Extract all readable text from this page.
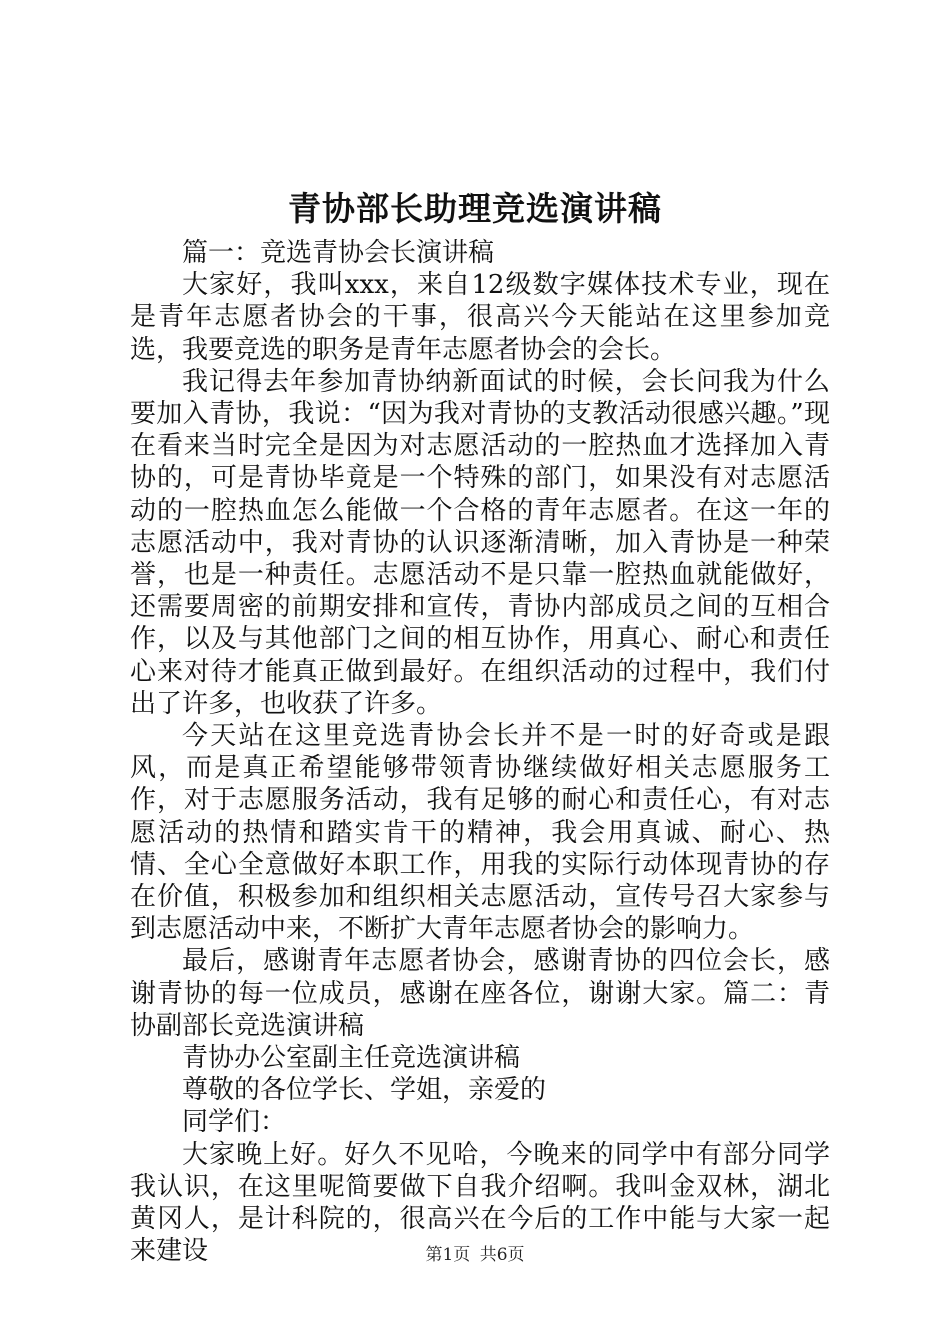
青协部长助理竞选演讲稿

篇一：竞选青协会长演讲稿

大家好，我叫xxx，来自12级数字媒体技术专业，现在是青年志愿者协会的干事，很高兴今天能站在这里参加竞选，我要竞选的职务是青年志愿者协会的会长。

我记得去年参加青协纳新面试的时候，会长问我为什么要加入青协，我说：“因为我对青协的支教活动很感兴趣。”现在看来当时完全是因为对志愿活动的一腔热血才选择加入青协的，可是青协毕竟是一个特殊的部门，如果没有对志愿活动的一腔热血怎么能做一个合格的青年志愿者。在这一年的志愿活动中，我对青协的认识逐渐清晰，加入青协是一种荣誉，也是一种责任。志愿活动不是只靠一腔热血就能做好，还需要周密的前期安排和宣传，青协内部成员之间的互相合作，以及与其他部门之间的相互协作，用真心、耐心和责任心来对待才能真正做到最好。在组织活动的过程中，我们付出了许多，也收获了许多。

今天站在这里竞选青协会长并不是一时的好奇或是跟风，而是真正希望能够带领青协继续做好相关志愿服务工作，对于志愿服务活动，我有足够的耐心和责任心，有对志愿活动的热情和踏实肯干的精神，我会用真诚、耐心、热情、全心全意做好本职工作，用我的实际行动体现青协的存在价值，积极参加和组织相关志愿活动，宣传号召大家参与到志愿活动中来，不断扩大青年志愿者协会的影响力。

最后，感谢青年志愿者协会，感谢青协的四位会长，感谢青协的每一位成员，感谢在座各位，谢谢大家。篇二：青协副部长竞选演讲稿

青协办公室副主任竞选演讲稿

尊敬的各位学长、学姐，亲爱的

同学们：

大家晚上好。好久不见哈，今晚来的同学中有部分同学我认识，在这里呢简要做下自我介绍啊。我叫金双林，湖北黄冈人，是计科院的，很高兴在今后的工作中能与大家一起来建设	第1页 共6页
